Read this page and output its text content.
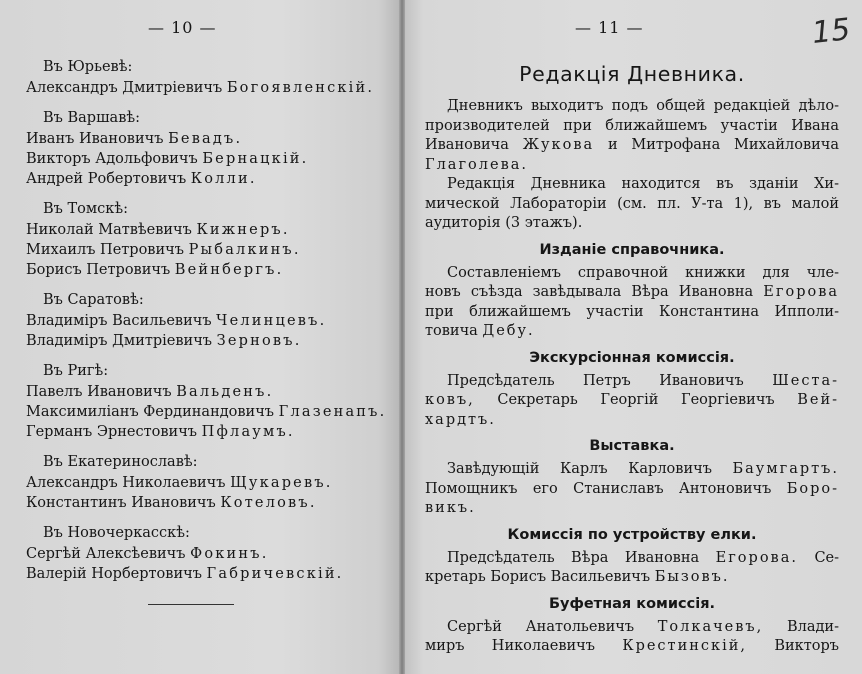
— 10 —
Въ Юрьевѣ:
Александръ Дмитріевичъ Богоявленскій.
Въ Варшавѣ:
Иванъ Ивановичъ Бевадъ.
Викторъ Адольфовичъ Бернацкій.
Андрей Робертовичъ Колли.
Въ Томскѣ:
Николай Матвѣевичъ Кижнеръ.
Михаилъ Петровичъ Рыбалкинъ.
Борисъ Петровичъ Вейнбергъ.
Въ Саратовѣ:
Владиміръ Васильевичъ Челинцевъ.
Владиміръ Дмитріевичъ Зерновъ.
Въ Ригѣ:
Павелъ Ивановичъ Вальденъ.
Максимиліанъ Фердинандовичъ Глазенапъ.
Германъ Эрнестовичъ Пфлаумъ.
Въ Екатеринославѣ:
Александръ Николаевичъ Щукаревъ.
Константинъ Ивановичъ Котеловъ.
Въ Новочеркасскѣ:
Сергѣй Алексѣевичъ Фокинъ.
Валерій Норбертовичъ Габричевскій.
— 11 —	15
Редакція Дневника.
Дневникъ выходитъ подъ общей редакціей дѣло-
производителей при ближайшемъ участіи Ивана
Ивановича Жукова и Митрофана Михайловича
Глаголева.
Редакція Дневника находится въ зданіи Хи-
мической Лабораторіи (см. пл. У-та 1), въ малой
аудиторія (3 этажъ).
Изданіе справочника.
Составленіемъ справочной книжки для чле-
новъ съѣзда завѣдывала Вѣра Ивановна Егорова
при ближайшемъ участіи Константина Ипполи-
товича Дебу.
Экскурсіонная комиссія.
Предсѣдатель Петръ Ивановичъ Шеста-
ковъ, Секретарь Георгій Георгіевичъ Вей-
хардтъ.
Выставка.
Завѣдующій Карлъ Карловичъ Баумгартъ.
Помощникъ его Станиславъ Антоновичъ Боро-
викъ.
Комиссія по устройству елки.
Предсѣдатель Вѣра Ивановна Егорова. Се-
кретарь Борисъ Васильевичъ Бызовъ.
Буфетная комиссія.
Сергѣй Анатольевичъ Толкачевъ, Влади-
миръ Николаевичъ Крестинскій, Викторъ
